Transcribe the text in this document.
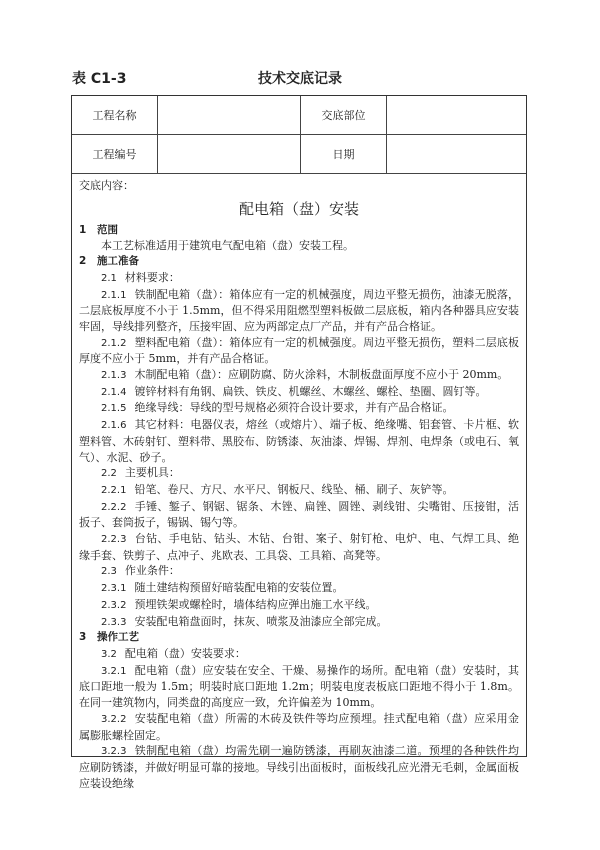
表 C1-3	技术交底记录
工程名称	交底部位
工程编号	日期
交底内容：
配电箱（盘）安装
1 范围
本工艺标准适用于建筑电气配电箱（盘）安装工程。
2 施工准备
2.1 材料要求：
2.1.1 铁制配电箱（盘）：箱体应有一定的机械强度，周边平整无损伤，油漆无脱落，二层底板厚度不小于 1.5mm，但不得采用阻燃型塑料板做二层底板，箱内各种器具应安装牢固，导线排列整齐，压接牢固、应为两部定点厂产品，并有产品合格证。
2.1.2 塑料配电箱（盘）：箱体应有一定的机械强度。周边平整无损伤，塑料二层底板厚度不应小于 5mm，并有产品合格证。
2.1.3 木制配电箱（盘）：应刷防腐、防火涂料，木制板盘面厚度不应小于 20mm。
2.1.4 镀锌材料有角钢、扁铁、铁皮、机螺丝、木螺丝、螺栓、垫圈、圆钉等。
2.1.5 绝缘导线：导线的型号规格必须符合设计要求，并有产品合格证。
2.1.6 其它材料：电器仪表，熔丝（或熔片）、端子板、绝缘嘴、铝套管、卡片框、软塑料管、木砖射钉、塑料带、黑胶布、防锈漆、灰油漆、焊锡、焊剂、电焊条（或电石、氧气）、水泥、砂子。
2.2 主要机具：
2.2.1 铅笔、卷尺、方尺、水平尺、钢板尺、线坠、桶、刷子、灰铲等。
2.2.2 手锤、錾子、钢锯、锯条、木锉、扁锉、圆锉、剥线钳、尖嘴钳、压接钳，活扳子、套筒扳子，锡锅、锡勺等。
2.2.3 台钻、手电钻、钻头、木钻、台钳、案子、射钉枪、电炉、电、气焊工具、绝缘手套、铁剪子、点冲子、兆欧表、工具袋、工具箱、高凳等。
2.3 作业条件：
2.3.1 随土建结构预留好暗装配电箱的安装位置。
2.3.2 预埋铁架或螺栓时，墙体结构应弹出施工水平线。
2.3.3 安装配电箱盘面时，抹灰、喷浆及油漆应全部完成。
3 操作工艺
3.2 配电箱（盘）安装要求：
3.2.1 配电箱（盘）应安装在安全、干燥、易操作的场所。配电箱（盘）安装时，其底口距地一般为 1.5m；明装时底口距地 1.2m；明装电度表板底口距地不得小于 1.8m。在同一建筑物内，同类盘的高度应一致，允许偏差为 10mm。
3.2.2 安装配电箱（盘）所需的木砖及铁件等均应预埋。挂式配电箱（盘）应采用金属膨胀螺栓固定。
3.2.3 铁制配电箱（盘）均需先刷一遍防锈漆，再刷灰油漆二道。预埋的各种铁件均应刷防锈漆，并做好明显可靠的接地。导线引出面板时，面板线孔应光滑无毛刺，金属面板应装设绝缘
